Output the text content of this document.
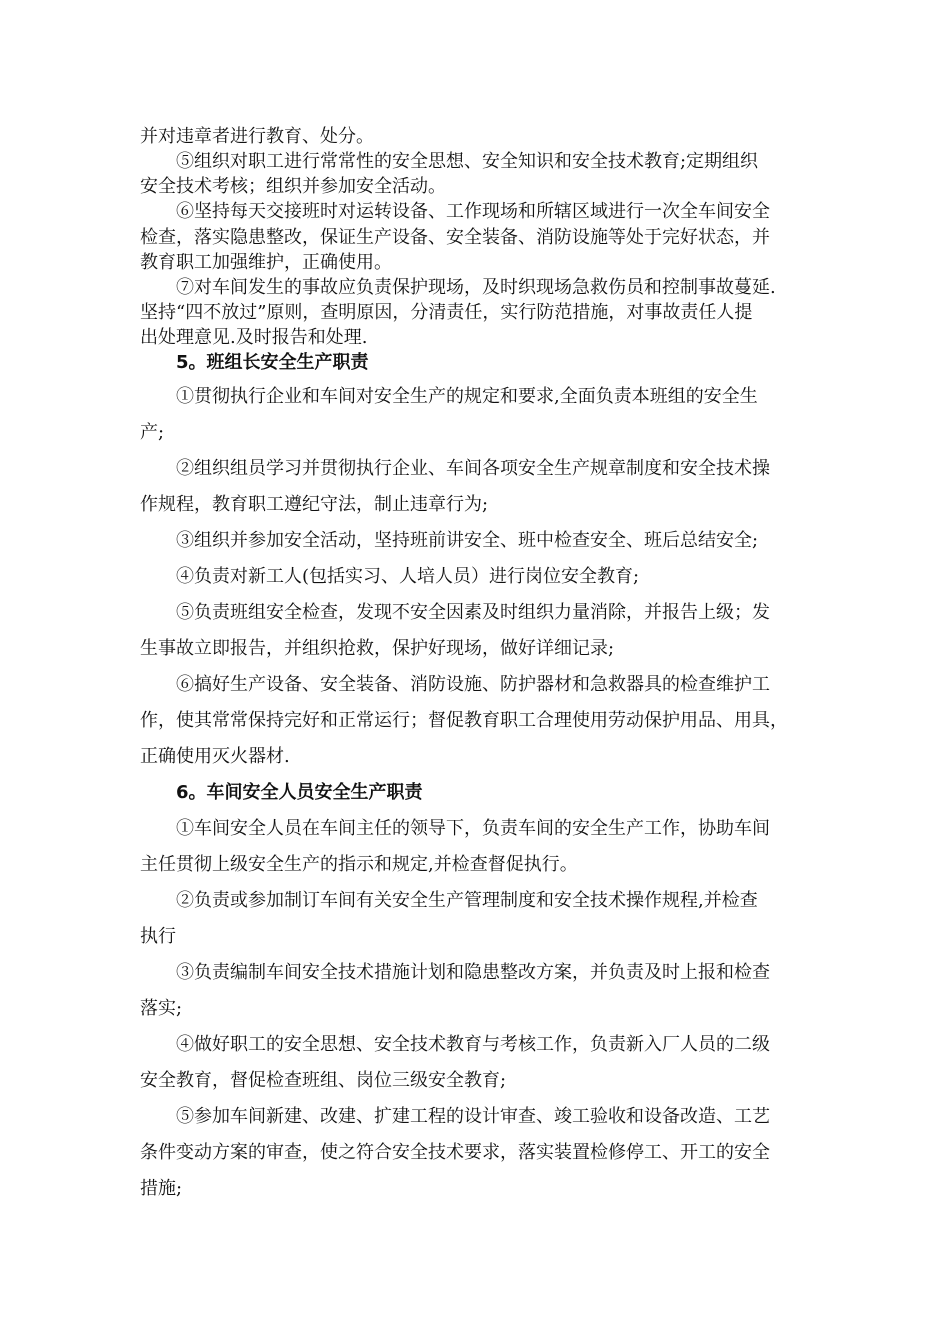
并对违章者进行教育、处分。
⑤组织对职工进行常常性的安全思想、安全知识和安全技术教育;定期组织
安全技术考核；组织并参加安全活动。
⑥坚持每天交接班时对运转设备、工作现场和所辖区域进行一次全车间安全
检查，落实隐患整改，保证生产设备、安全装备、消防设施等处于完好状态，并
教育职工加强维护，正确使用。
⑦对车间发生的事故应负责保护现场，及时织现场急救伤员和控制事故蔓延.
坚持“四不放过”原则，查明原因，分清责任，实行防范措施，对事故责任人提
出处理意见.及时报告和处理.
5。班组长安全生产职责
①贯彻执行企业和车间对安全生产的规定和要求,全面负责本班组的安全生
产;
②组织组员学习并贯彻执行企业、车间各项安全生产规章制度和安全技术操
作规程，教育职工遵纪守法，制止违章行为;
③组织并参加安全活动，坚持班前讲安全、班中检查安全、班后总结安全;
④负责对新工人(包括实习、人培人员）进行岗位安全教育;
⑤负责班组安全检查，发现不安全因素及时组织力量消除，并报告上级；发
生事故立即报告，并组织抢救，保护好现场，做好详细记录;
⑥搞好生产设备、安全装备、消防设施、防护器材和急救器具的检查维护工
作，使其常常保持完好和正常运行；督促教育职工合理使用劳动保护用品、用具，
正确使用灭火器材.
6。车间安全人员安全生产职责
①车间安全人员在车间主任的领导下，负责车间的安全生产工作，协助车间
主任贯彻上级安全生产的指示和规定,并检查督促执行。
②负责或参加制订车间有关安全生产管理制度和安全技术操作规程,并检查
执行
③负责编制车间安全技术措施计划和隐患整改方案，并负责及时上报和检查
落实;
④做好职工的安全思想、安全技术教育与考核工作，负责新入厂人员的二级
安全教育，督促检查班组、岗位三级安全教育;
⑤参加车间新建、改建、扩建工程的设计审查、竣工验收和设备改造、工艺
条件变动方案的审查，使之符合安全技术要求，落实装置检修停工、开工的安全
措施;
